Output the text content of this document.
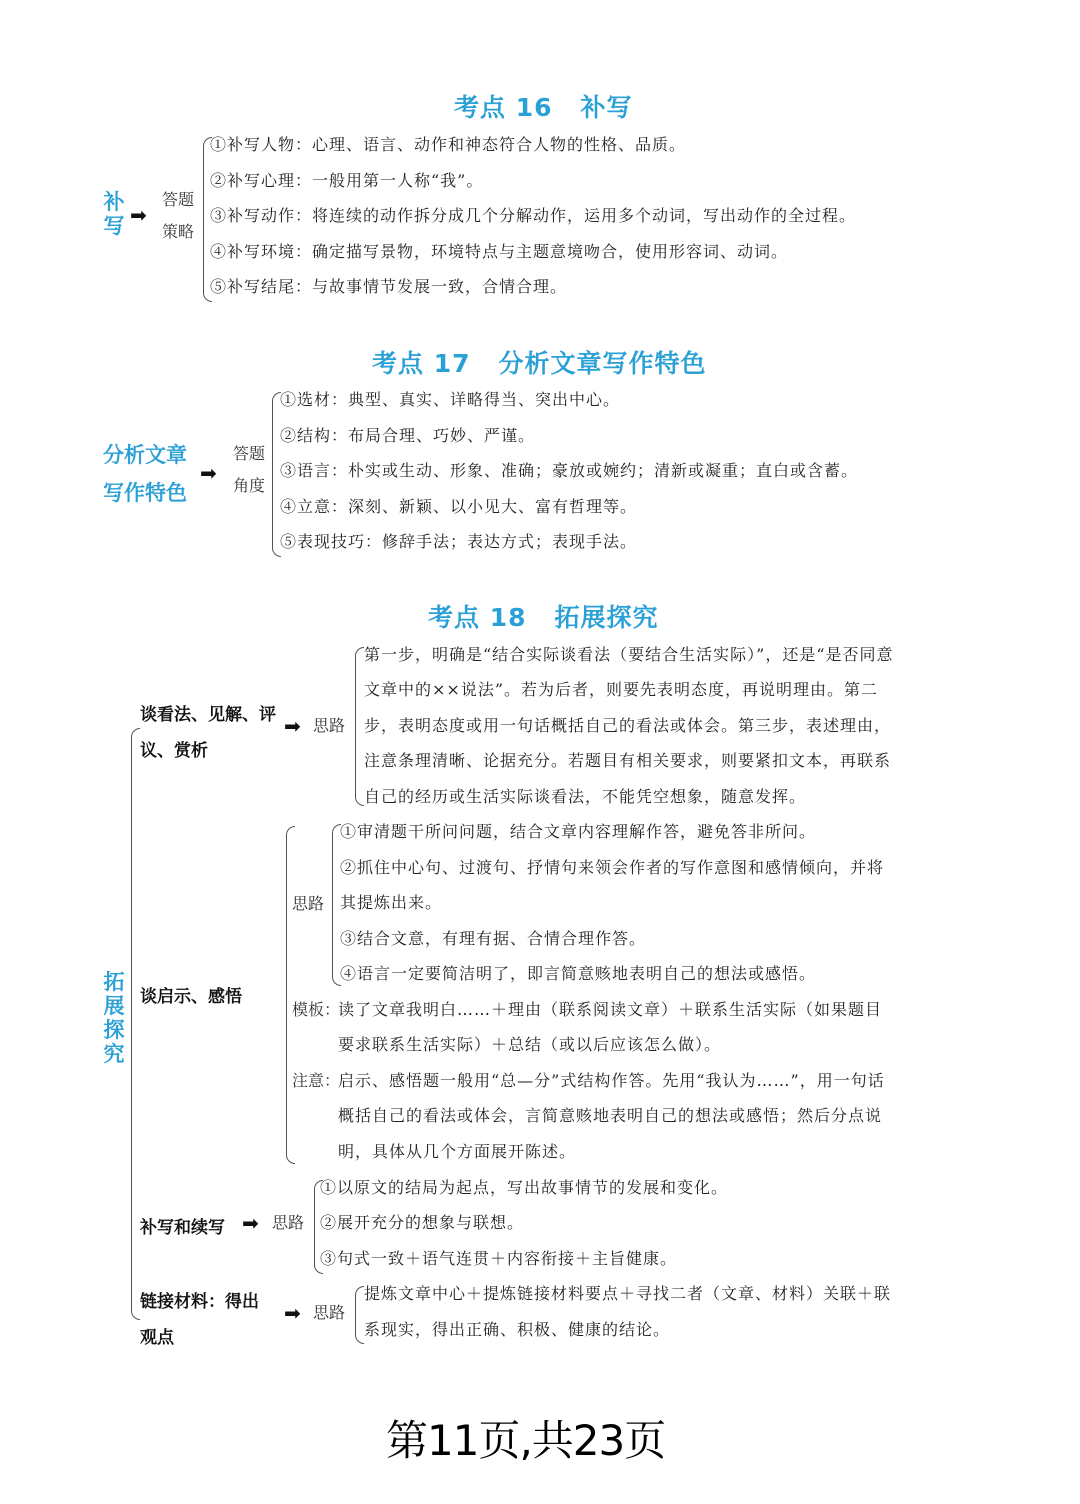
考点 16 补写
补
写 ➡
答题
策略
①补写人物：心理、语言、动作和神态符合人物的性格、品质。
②补写心理：一般用第一人称“我”。
③补写动作：将连续的动作拆分成几个分解动作，运用多个动词，写出动作的全过程。
④补写环境：确定描写景物，环境特点与主题意境吻合，使用形容词、动词。
⑤补写结尾：与故事情节发展一致，合情合理。
考点 17 分析文章写作特色
分析文章
写作特色
➡
答题
角度
①选材：典型、真实、详略得当、突出中心。
②结构：布局合理、巧妙、严谨。
③语言：朴实或生动、形象、准确；豪放或婉约；清新或凝重；直白或含蓄。
④立意：深刻、新颖、以小见大、富有哲理等。
⑤表现技巧：修辞手法；表达方式；表现手法。
考点 18 拓展探究
拓
展
探
究
谈看法、见解、评
议、赏析
➡ 思路
第一步，明确是“结合实际谈看法（要结合生活实际）”，还是“是否同意
文章中的××说法”。若为后者，则要先表明态度，再说明理由。第二
步，表明态度或用一句话概括自己的看法或体会。第三步，表述理由，
注意条理清晰、论据充分。若题目有相关要求，则要紧扣文本，再联系
自己的经历或生活实际谈看法，不能凭空想象，随意发挥。
谈启示、感悟
思路
①审清题干所问问题，结合文章内容理解作答，避免答非所问。
②抓住中心句、过渡句、抒情句来领会作者的写作意图和感情倾向，并将
其提炼出来。
③结合文意，有理有据、合情合理作答。
④语言一定要简洁明了，即言简意赅地表明自己的想法或感悟。
模板：
读了文章我明白……＋理由（联系阅读文章）＋联系生活实际（如果题目
要求联系生活实际）＋总结（或以后应该怎么做）。
注意：
启示、感悟题一般用“总—分”式结构作答。先用“我认为……”，用一句话
概括自己的看法或体会，言简意赅地表明自己的想法或感悟；然后分点说
明，具体从几个方面展开陈述。
补写和续写 ➡ 思路
①以原文的结局为起点，写出故事情节的发展和变化。
②展开充分的想象与联想。
③句式一致＋语气连贯＋内容衔接＋主旨健康。
链接材料：得出
观点
➡ 思路
提炼文章中心＋提炼链接材料要点＋寻找二者（文章、材料）关联＋联
系现实，得出正确、积极、健康的结论。
第11页,共23页
